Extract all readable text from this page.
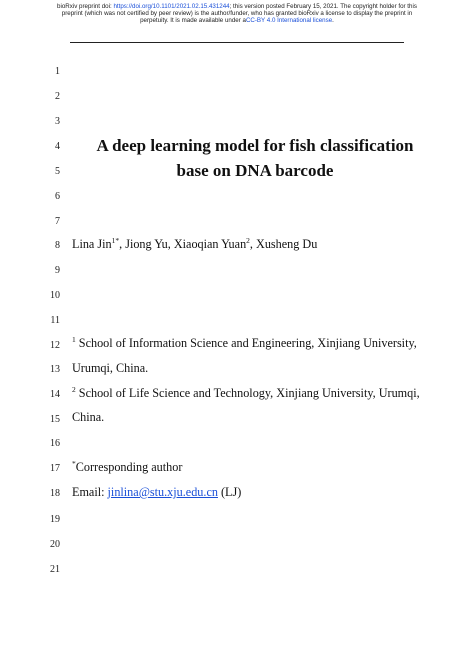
bioRxiv preprint doi: https://doi.org/10.1101/2021.02.15.431244; this version posted February 15, 2021. The copyright holder for this
preprint (which was not certified by peer review) is the author/funder, who has granted bioRxiv a license to display the preprint in
perpetuity. It is made available under aCC-BY 4.0 International license.
1
2
3
4
5
6
7
8
9
10
11
12
13
14
15
16
17
18
19
20
21
A deep learning model for fish classification
base on DNA barcode
Lina Jin$^{1*}$, Jiong Yu, Xiaoqian Yuan$^2$, Xusheng Du
$^1$ School of Information Science and Engineering, Xinjiang University,
Urumqi, China.
$^2$ School of Life Science and Technology, Xinjiang University, Urumqi,
China.
*Corresponding author
Email: jinlina@stu.xju.edu.cn (LJ)
